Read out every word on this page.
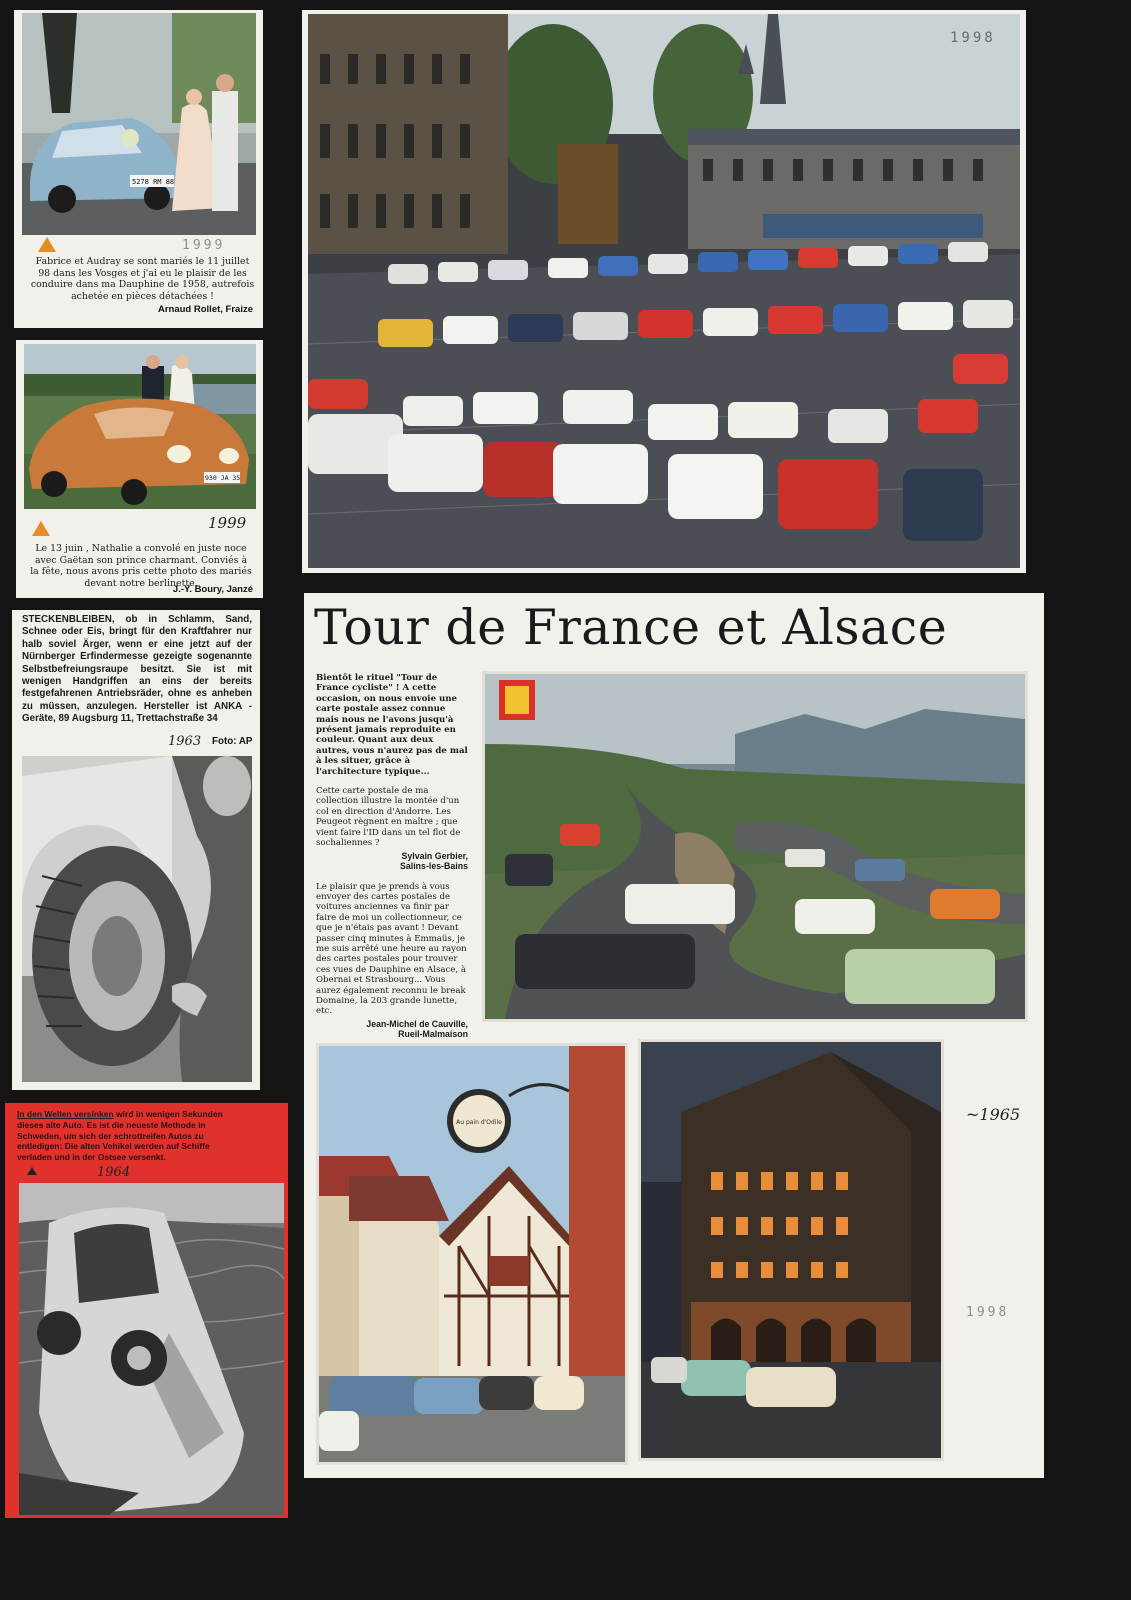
5278 RM 88
1999
Fabrice et Audray se sont mariés le 11 juillet 98 dans les Vosges et j'ai eu le plaisir de les conduire dans ma Dauphine de 1958, autrefois achetée en pièces détachées !
Arnaud Rollet, Fraize
930 JA 35
1999
Le 13 juin , Nathalie a convolé en juste noce avec Gaëtan son prince charmant. Conviés à la fête, nous avons pris cette photo des mariés devant notre berlinette.
J.-Y. Boury, Janzé
STECKENBLEIBEN, ob in Schlamm, Sand, Schnee oder Eis, bringt für den Kraftfahrer nur halb soviel Ärger, wenn er eine jetzt auf der Nürnberger Erfindermesse gezeigte sogenannte Selbstbefreiungsraupe besitzt. Sie ist mit wenigen Handgriffen an eins der bereits festgefahrenen Antriebsräder, ohne es anheben zu müssen, anzulegen. Hersteller ist ANKA - Geräte, 89 Augsburg 11, Trettachstraße 34
1963 Foto: AP
In den Wellen versinken wird in wenigen Sekunden dieses alte Auto. Es ist die neueste Methode in Schweden, um sich der schrottreifen Autos zu entledigen: Die alten Vehikel werden auf Schiffe verladen und in der Ostsee versenkt.
1964
1998
Tour de France et Alsace

Bientôt le rituel "Tour de France cycliste" ! A cette occasion, on nous envoie une carte postale assez connue mais nous ne l'avons jusqu'à présent jamais reproduite en couleur. Quant aux deux autres, vous n'aurez pas de mal à les situer, grâce à l'architecture typique...

Cette carte postale de ma collection illustre la montée d'un col en direction d'Andorre. Les Peugeot règnent en maître ; que vient faire l'ID dans un tel flot de sochaliennes ?

Sylvain Gerbier,
Salins-les-Bains

Le plaisir que je prends à vous envoyer des cartes postales de voitures anciennes va finir par faire de moi un collectionneur, ce que je n'étais pas avant ! Devant passer cinq minutes à Emmaüs, je me suis arrêté une heure au rayon des cartes postales pour trouver ces vues de Dauphine en Alsace, à Obernai et Strasbourg... Vous aurez également reconnu le break Domaine, la 203 grande lunette, etc.

Jean-Michel de Cauville,
Rueil-Malmaison
Au pain d'Odile	~1965
1998
